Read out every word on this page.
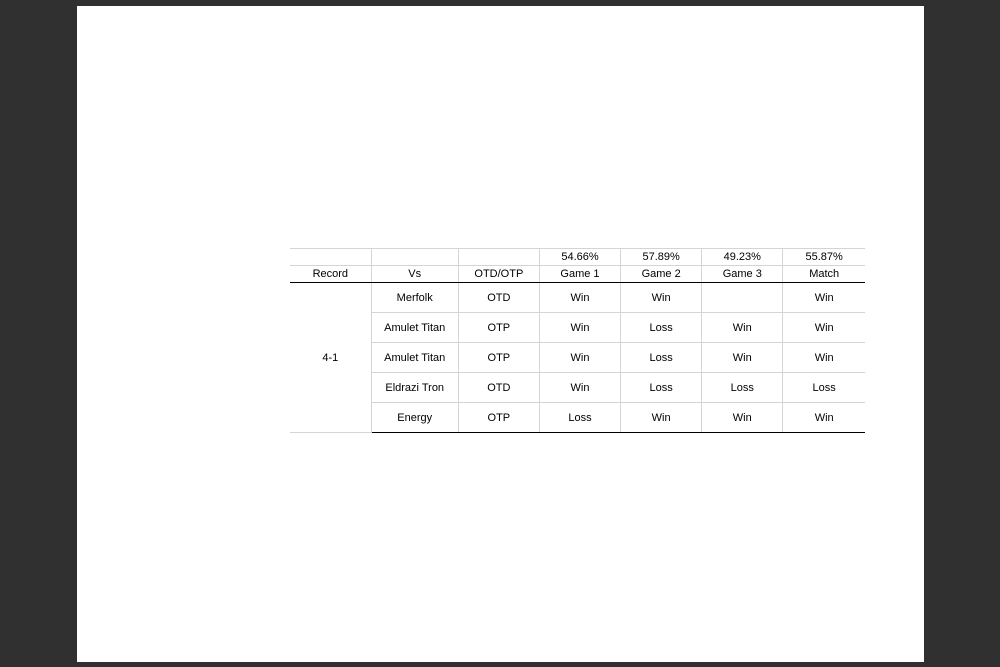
			54.66%	57.89%	49.23%	55.87%
Record	Vs	OTD/OTP	Game 1	Game 2	Game 3	Match
4-1	Merfolk	OTD	Win	Win		Win
	Amulet Titan	OTP	Win	Loss	Win	Win
	Amulet Titan	OTP	Win	Loss	Win	Win
	Eldrazi Tron	OTD	Win	Loss	Loss	Loss
	Energy	OTP	Loss	Win	Win	Win
